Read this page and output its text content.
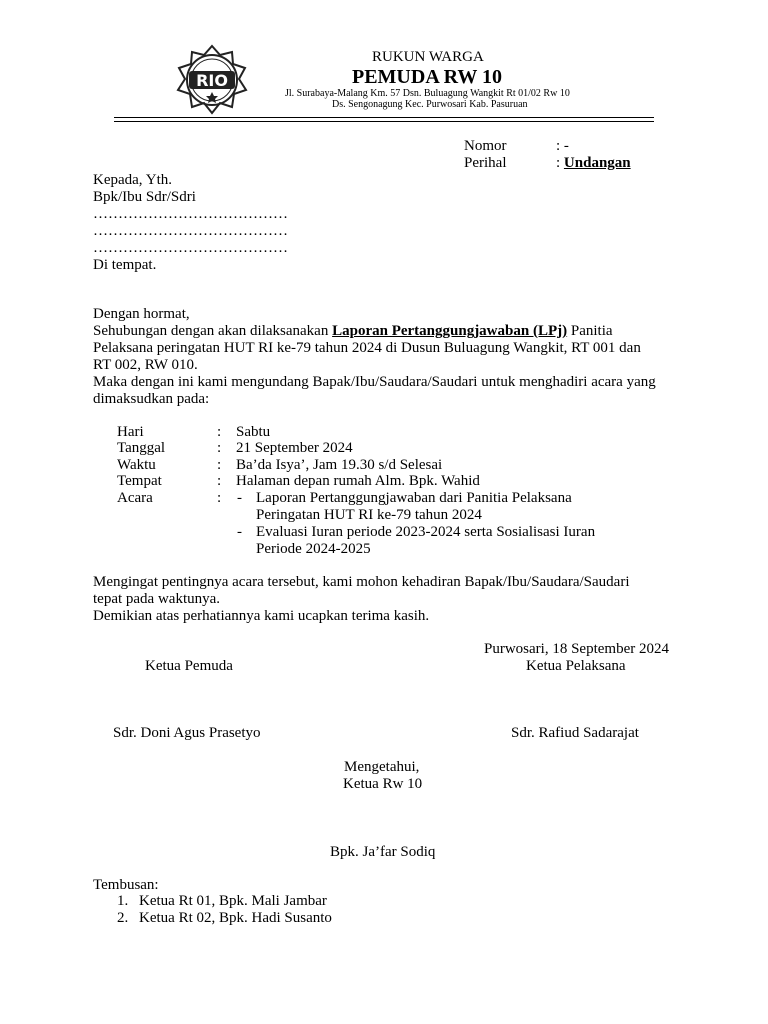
RIO
RUKUN WARGA
PEMUDA RW 10
Jl. Surabaya-Malang Km. 57 Dsn. Buluagung Wangkit Rt 01/02 Rw 10
Ds. Sengonagung Kec. Purwosari Kab. Pasuruan
Nomor	: -
Perihal	: Undangan
Kepada, Yth.
Bpk/Ibu Sdr/Sdri
…………………………………
…………………………………
…………………………………
Di tempat.
Dengan hormat,
Sehubungan dengan akan dilaksanakan Laporan Pertanggungjawaban (LPj) Panitia
Pelaksana peringatan HUT RI ke-79 tahun 2024 di Dusun Buluagung Wangkit, RT 001 dan
RT 002, RW 010.
Maka dengan ini kami mengundang Bapak/Ibu/Saudara/Saudari untuk menghadiri acara yang
dimaksudkan pada:
Hari	: Sabtu
Tanggal	: 21 September 2024
Waktu	: Ba’da Isya’, Jam 19.30 s/d Selesai
Tempat	: Halaman depan rumah Alm. Bpk. Wahid
Acara	: - Laporan Pertanggungjawaban dari Panitia Pelaksana
Peringatan HUT RI ke-79 tahun 2024
- Evaluasi Iuran periode 2023-2024 serta Sosialisasi Iuran
Periode 2024-2025
Mengingat pentingnya acara tersebut, kami mohon kehadiran Bapak/Ibu/Saudara/Saudari
tepat pada waktunya.
Demikian atas perhatiannya kami ucapkan terima kasih.
Purwosari, 18 September 2024
Ketua Pemuda	Ketua Pelaksana
Sdr. Doni Agus Prasetyo	Sdr. Rafiud Sadarajat
Mengetahui,
Ketua Rw 10
Bpk. Ja’far Sodiq
Tembusan:
1. Ketua Rt 01, Bpk. Mali Jambar
2. Ketua Rt 02, Bpk. Hadi Susanto
